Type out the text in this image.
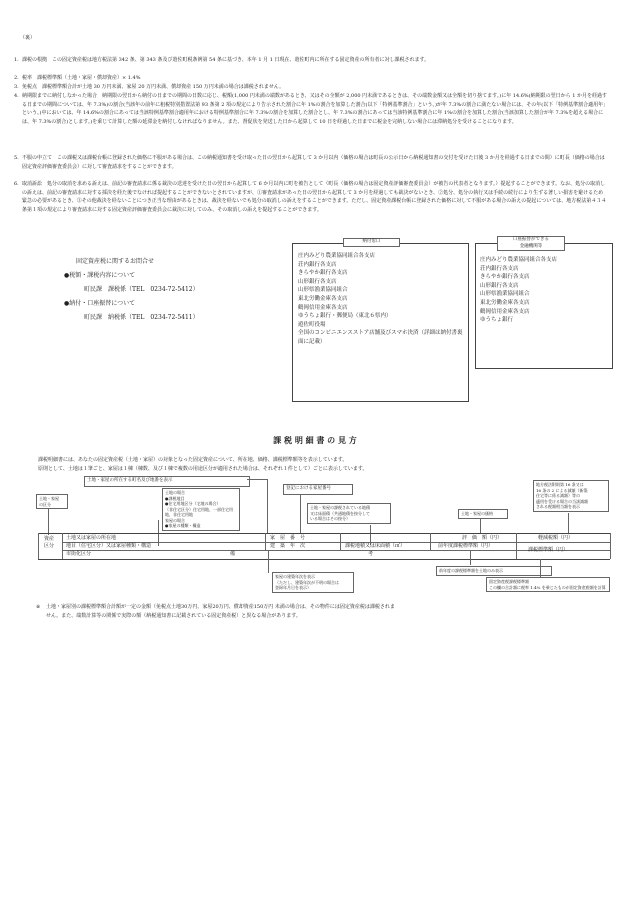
（裏）
1. 課税の根拠　この固定資産税は地方税法第 342 条、第 343 条及び遊佐町税条例第 54 条に基づき、本年 1 月 1 日現在、遊佐町内に所在する固定資産の所有者に対し課税されます。
2. 税率　課税標準額（土地・家屋・償却資産）× 1.4%
3. 免税点　課税標準額合計が土地 30 万円未満、家屋 20 万円未満、償却資産 150 万円未満の場合は課税されません。
4. 納期限までに納付しなかった場合　納期限の翌日から納付の日までの期間の日数に応じ、税額(1,000 円未満の端数があるとき、又はその全額が 2,000 円未満であるときは、その端数金額又は全額を切り捨てます。)に年 14.6%(納期限の翌日から 1 か月を経過する日までの期間については、年 7.3%)の割合(当該年の前年に租税特別措置法第 93 条第 2 項の規定により告示された割合に年 1%の割合を加算した割合(以下「特例基準割合」という。)が年 7.3%の割合に満たない場合には、その年(以下「特例基準割合適用年」という。)中においては、年 14.6%の割合にあっては当該特例基準割合適用年における特例基準割合に年 7.3%の割合を加算した割合とし、年 7.3%の割合にあっては当該特例基準割合に年 1%の割合を加算した割合(当該加算した割合が年 7.3%を超える場合には、年 7.3%の割合)とします。)を乗じて計算した額の延滞金を納付しなければなりません。また、督促状を発送した日から起算して 10 日を経過した日までに税金を完納しない場合には滞納処分を受けることになります。
5. 不服の申立て　この課税又は課税台帳に登録された価格に不服がある場合は、この納税通知書を受け取った日の翌日から起算して 3 か月以内（価格の場合は町長の公示日から納税通知書の交付を受けた日後 3 か月を経過する日までの間）に町長（価格の場合は固定資産評価審査委員会）に対して審査請求をすることができます。
6. 取消訴訟　処分の取消を求める訴えは、前記の審査請求に係る裁決の送達を受けた日の翌日から起算して 6 か月以内に町を被告として（町長（価格の場合は固定資産評価審査委員会）が被告の代表者となります。）提起することができます。なお、処分の取消しの訴えは、前記の審査請求に対する採決を経た後でなければ提起することができないとされていますが、①審査請求があった日の翌日から起算して 3 か月を経過しても裁決がないとき、②処分、処分の執行又は手続の続行により生ずる著しい損害を避けるため緊急の必要があるとき、③その他裁決を経ないことにつき正当な理由があるときは、裁決を経ないでも処分の取消しの訴えをすることができます。ただし、固定資産課税台帳に登録された価格に対して不服がある場合の訴えの提起については、地方税法第４３４条第１項の規定により審査請求に対する固定資産評価審査委員会に裁決に対してのみ、その取消しの訴えを提起することができます。
固定資産税に関するお問合せ
●税額・課税内容について
町民課　課税係（TEL　0234-72-5412）
●納付・口座振替について
町民課　納税係（TEL　0234-72-5411）
納付窓口
庄内みどり農業協同組合各支店
荘内銀行各支店
きらやか銀行各支店
山形銀行各支店
山形県漁業協同組合
東北労働金庫各支店
鶴岡信用金庫各支店
ゆうちょ銀行・郵便局（東北６県内）
遊佐町役場
全国のコンビニエンスストア店舗及びスマホ決済（詳細は納付書裏面に記載）
口座振替ができる
金融機関等
庄内みどり農業協同組合各支店
荘内銀行各支店
きらやか銀行各支店
山形銀行各支店
山形県漁業協同組合
東北労働金庫各支店
鶴岡信用金庫各支店
ゆうちょ銀行
課 税 明 細 書 の 見 方
課税明細書には、あなたの固定資産税（土地・家屋）の対象となった固定資産について、所在地、価格、課税標準額等を表示しています。
原則として、土地は１筆ごと、家屋は１棟（棟数、及び１棟で複数の用途区分が適用された場合は、それぞれ１件として）ごとに表示しています。
土地・家屋の所在する町名及び地番を表示
土地・家屋
の区分
土地の場合
●課税地目
●住宅用地区分（宅地の場合）
（非住宅区分）住宅用地、一部住宅用地、非住宅用地
家屋の場合
●家屋の種類・構造
登記における家屋番号
土地・家屋の課税されている地積
又は床面積（共通地積を按分して
いる場合はその按分）
土地・家屋の価格
地方税法附則第 16 条又は
16 条の 2 による減額（新築
住宅等に係る減額）等の
適用を受ける場合の当該減額
される税額相当額を表示
資産
区分
土地又は家屋の所在地	家　屋　番　号	評　価　額（円）	軽減税額（円）
地目（住宅区分）又は家屋種類・構造	建　築　年　次	課税地積又は床面積（㎡）	前年度課税標準額（円）
課税標準額（円）
市街化区分	備	考
家屋の建築年次を表示
（ただし、建築年次が不明の場合は
登録年月日を表示）
前年度の課税標準額を土地のみ表示
固定資産税課税標準額
この欄の合計額に税率 1.4% を乗じたものが固定資産税額を計算
※ 土地・家屋別の課税標準額合計額が一定の金額（免税点土地30万円、家屋20万円、償却資産150万円 未満の場合は、その物件には固定資産税は課税されません。また、端数計算等の関係で実際の額（納税通知書に記載されている固定資産税）と異なる場合があります。
